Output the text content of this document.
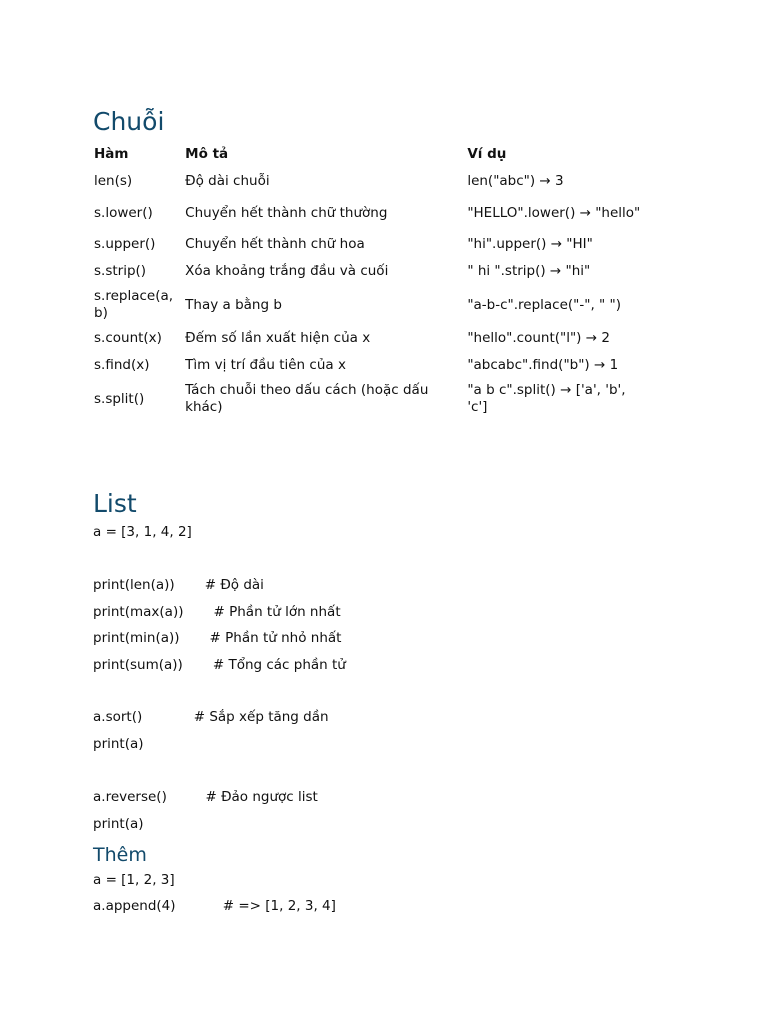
Chuỗi
Hàm	Mô tả	Ví dụ
len(s)	Độ dài chuỗi	len("abc") → 3
s.lower()	Chuyển hết thành chữ thường	"HELLO".lower() → "hello"
s.upper()	Chuyển hết thành chữ hoa	"hi".upper() → "HI"
s.strip()	Xóa khoảng trắng đầu và cuối	" hi ".strip() → "hi"
s.replace(a, b)	Thay a bằng b	"a-b-c".replace("-", " ")
s.count(x)	Đếm số lần xuất hiện của x	"hello".count("l") → 2
s.find(x)	Tìm vị trí đầu tiên của x	"abcabc".find("b") → 1
s.split()	Tách chuỗi theo dấu cách (hoặc dấu khác)	"a b c".split() → ['a', 'b', 'c']
List

a = [3, 1, 4, 2]

print(len(a))       # Độ dài

print(max(a))       # Phần tử lớn nhất

print(min(a))       # Phần tử nhỏ nhất

print(sum(a))       # Tổng các phần tử

a.sort()            # Sắp xếp tăng dần

print(a)

a.reverse()         # Đảo ngược list

print(a)

Thêm

a = [1, 2, 3]

a.append(4)           # => [1, 2, 3, 4]
